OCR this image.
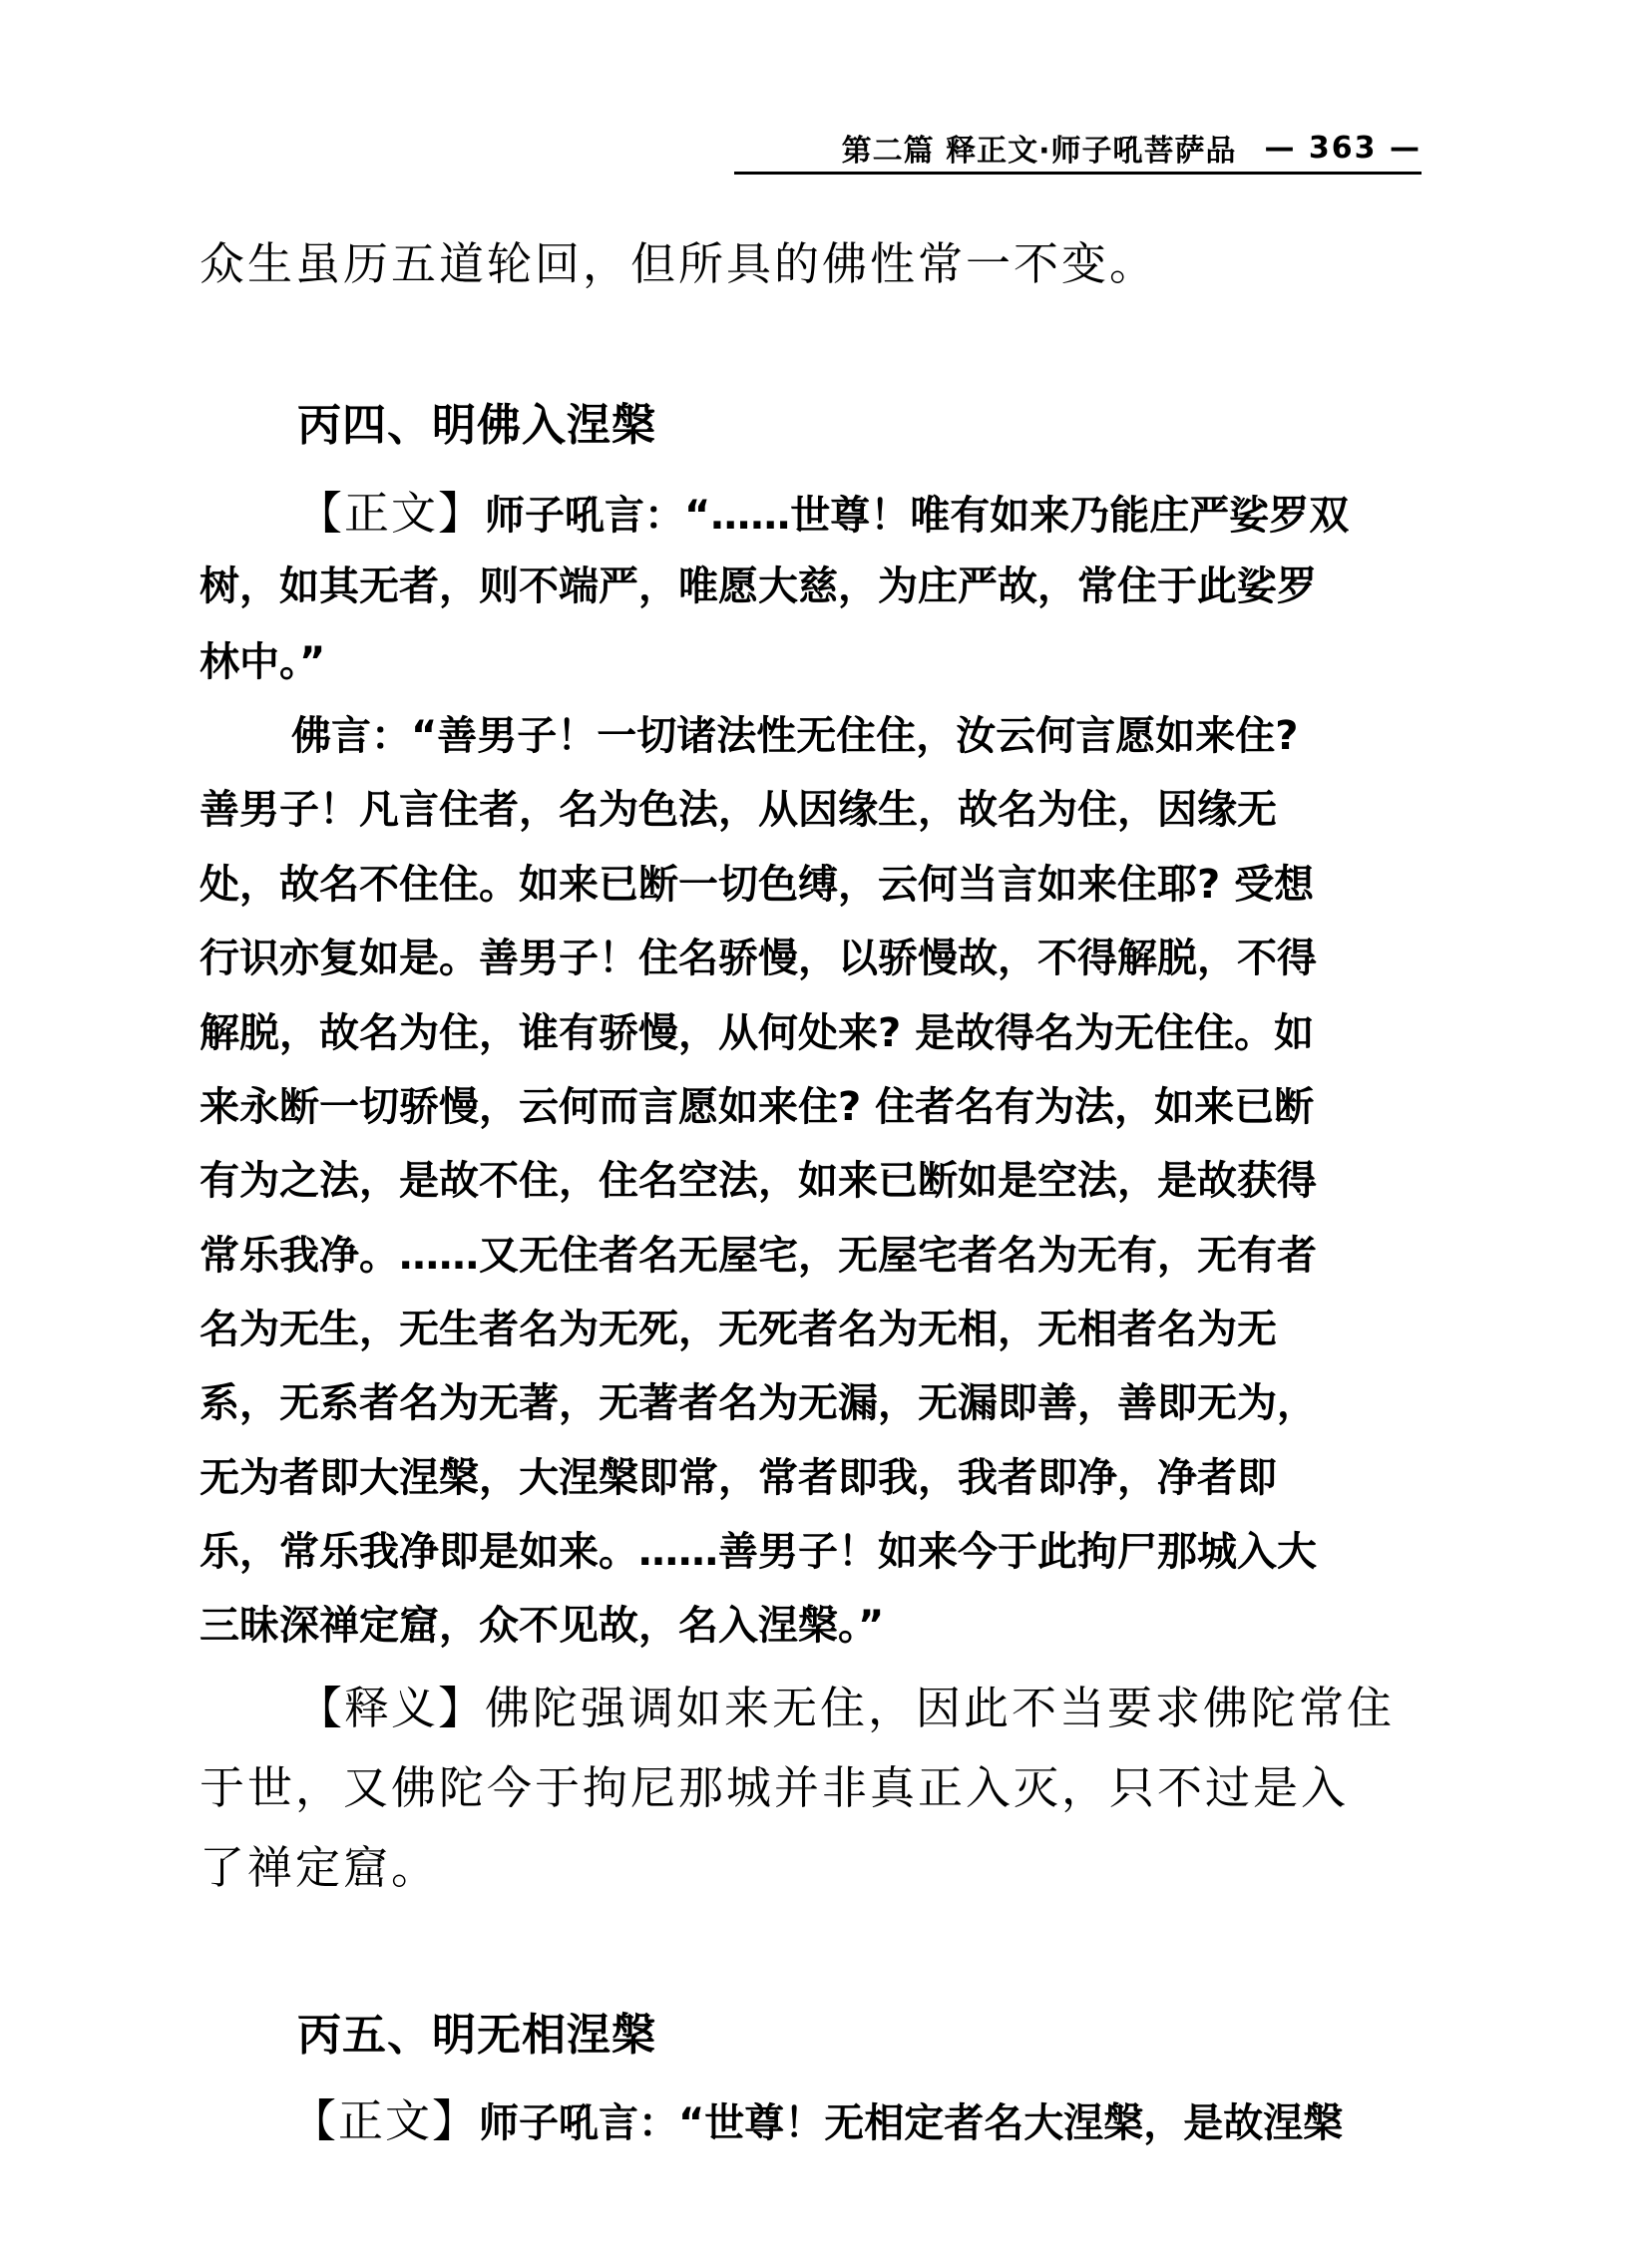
第二篇 释正文·师子吼菩萨品 — 363 —
众生虽历五道轮回，但所具的佛性常一不变。
丙四、明佛入涅槃
【正文】师子吼言：“……世尊！唯有如来乃能庄严娑罗双
树，如其无者，则不端严，唯愿大慈，为庄严故，常住于此娑罗
林中。”
佛言：“善男子！一切诸法性无住住，汝云何言愿如来住?
善男子！凡言住者，名为色法，从因缘生，故名为住，因缘无
处，故名不住住。如来已断一切色缚，云何当言如来住耶? 受想
行识亦复如是。善男子！住名骄慢，以骄慢故，不得解脱，不得
解脱，故名为住，谁有骄慢，从何处来? 是故得名为无住住。如
来永断一切骄慢，云何而言愿如来住? 住者名有为法，如来已断
有为之法，是故不住，住名空法，如来已断如是空法，是故获得
常乐我净。……又无住者名无屋宅，无屋宅者名为无有，无有者
名为无生，无生者名为无死，无死者名为无相，无相者名为无
系，无系者名为无著，无著者名为无漏，无漏即善，善即无为，
无为者即大涅槃，大涅槃即常，常者即我，我者即净，净者即
乐，常乐我净即是如来。……善男子！如来今于此拘尸那城入大
三昧深禅定窟，众不见故，名入涅槃。”
【释义】佛陀强调如来无住，因此不当要求佛陀常住
于世，又佛陀今于拘尼那城并非真正入灭，只不过是入
了禅定窟。
丙五、明无相涅槃
【正文】师子吼言：“世尊！无相定者名大涅槃，是故涅槃
